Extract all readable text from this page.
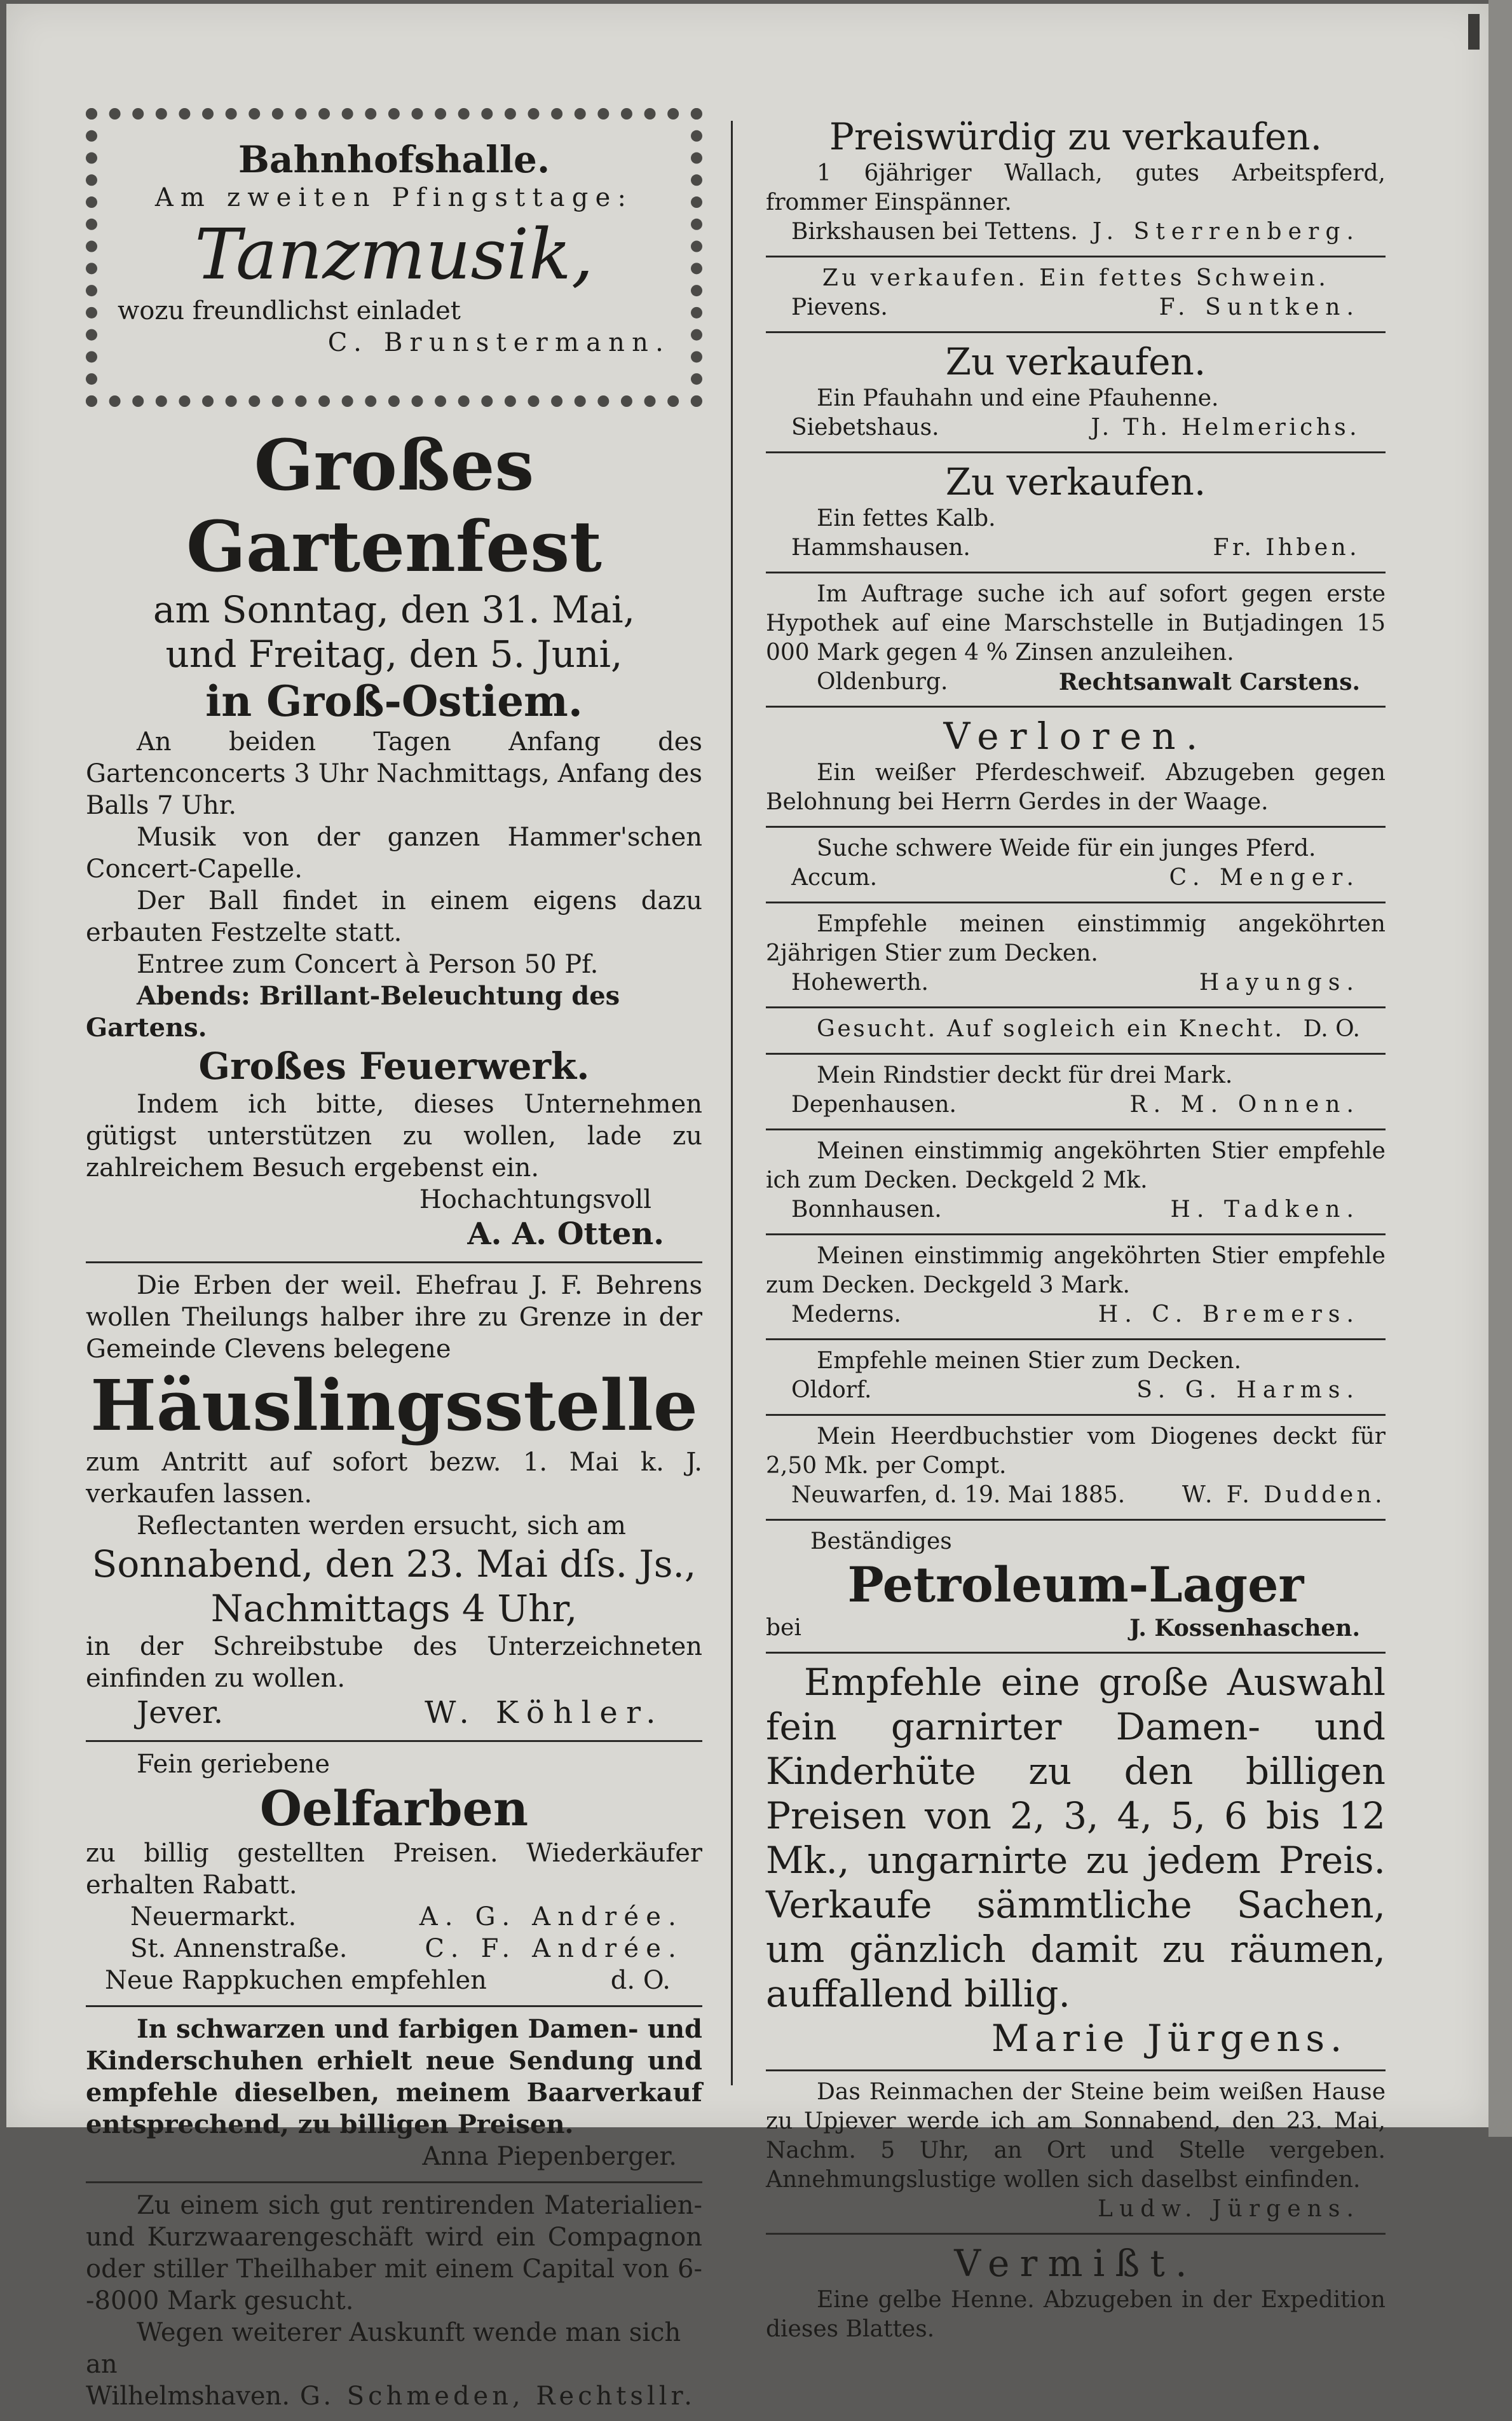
Bahnhofshalle.

Am zweiten Pfingsttage:

Tanzmusik,

wozu freundlichst einladet

C. Brunstermann.

Großes Gartenfest

am Sonntag, den 31. Mai,

und Freitag, den 5. Juni,

in Groß-Ostiem.

An beiden Tagen Anfang des Gartenconcerts 3 Uhr Nachmittags, Anfang des Balls 7 Uhr.

Musik von der ganzen Hammer'schen Concert-Capelle.

Der Ball findet in einem eigens dazu erbauten Festzelte statt.

Entree zum Concert à Person 50 Pf.

Abends: Brillant-Beleuchtung des Gartens.

Großes Feuerwerk.

Indem ich bitte, dieses Unternehmen gütigst unterstützen zu wollen, lade zu zahlreichem Besuch ergebenst ein.

Hochachtungsvoll

A. A. Otten.

Die Erben der weil. Ehefrau J. F. Behrens wollen Theilungs halber ihre zu Grenze in der Gemeinde Clevens belegene

Häuslingsstelle

zum Antritt auf sofort bezw. 1. Mai k. J. verkaufen lassen.

Reflectanten werden ersucht, sich am

Sonnabend, den 23. Mai dſs. Js.,

Nachmittags 4 Uhr,

in der Schreibstube des Unterzeichneten einfinden zu wollen.

Jever.	W. Köhler.

Fein geriebene

Oelfarben

zu billig gestellten Preisen. Wiederkäufer erhalten Rabatt.

Neuermarkt.	A. G. Andrée.
St. Annenstraße.	C. F. Andrée.
Neue Rappkuchen empfehlen	d. O.

In schwarzen und farbigen Damen- und Kinderschuhen erhielt neue Sendung und empfehle dieselben, meinem Baarverkauf entsprechend, zu billigen Preisen.

Anna Piepenberger.

Zu einem sich gut rentirenden Materialien- und Kurzwaarengeschäft wird ein Compagnon oder stiller Theilhaber mit einem Capital von 6--8000 Mark gesucht.

Wegen weiterer Auskunft wende man sich an

Wilhelmshaven. G. Schmeden, Rechtsllr.

Preiswürdig zu verkaufen.

1 6jähriger Wallach, gutes Arbeitspferd, frommer Einspänner.

Birkshausen bei Tettens. J. Sterrenberg.

Zu verkaufen. Ein fettes Schwein.

Pievens.	F. Suntken.

Zu verkaufen.

Ein Pfauhahn und eine Pfauhenne.

Siebetshaus.	J. Th. Helmerichs.

Zu verkaufen.

Ein fettes Kalb.

Hammshausen.	Fr. Ihben.

Im Auftrage suche ich auf sofort gegen erste Hypothek auf eine Marschstelle in Butjadingen 15 000 Mark gegen 4 % Zinsen anzuleihen.

Oldenburg.	Rechtsanwalt Carstens.

Verloren.

Ein weißer Pferdeschweif. Abzugeben gegen Belohnung bei Herrn Gerdes in der Waage.

Suche schwere Weide für ein junges Pferd.

Accum.	C. Menger.

Empfehle meinen einstimmig angeköhrten 2jährigen Stier zum Decken.

Hohewerth.	Hayungs.
Gesucht. Auf sogleich ein Knecht. D. O.

Mein Rindstier deckt für drei Mark.

Depenhausen.	R. M. Onnen.

Meinen einstimmig angeköhrten Stier empfehle ich zum Decken. Deckgeld 2 Mk.

Bonnhausen.	H. Tadken.

Meinen einstimmig angeköhrten Stier empfehle zum Decken. Deckgeld 3 Mark.

Mederns.	H. C. Bremers.

Empfehle meinen Stier zum Decken.

Oldorf.	S. G. Harms.

Mein Heerdbuchstier vom Diogenes deckt für 2,50 Mk. per Compt.

Neuwarfen, d. 19. Mai 1885. W. F. Dudden.

Beständiges

Petroleum-Lager

bei	J. Kossenhaschen.

Empfehle eine große Auswahl fein garnirter Damen- und Kinderhüte zu den billigen Preisen von 2, 3, 4, 5, 6 bis 12 Mk., ungarnirte zu jedem Preis. Verkaufe sämmtliche Sachen, um gänzlich damit zu räumen, auffallend billig.

Marie Jürgens.

Das Reinmachen der Steine beim weißen Hause zu Upjever werde ich am Sonnabend, den 23. Mai, Nachm. 5 Uhr, an Ort und Stelle vergeben. Annehmungslustige wollen sich daselbst einfinden.

Ludw. Jürgens.

Vermißt.

Eine gelbe Henne. Abzugeben in der Expedition dieses Blattes.
